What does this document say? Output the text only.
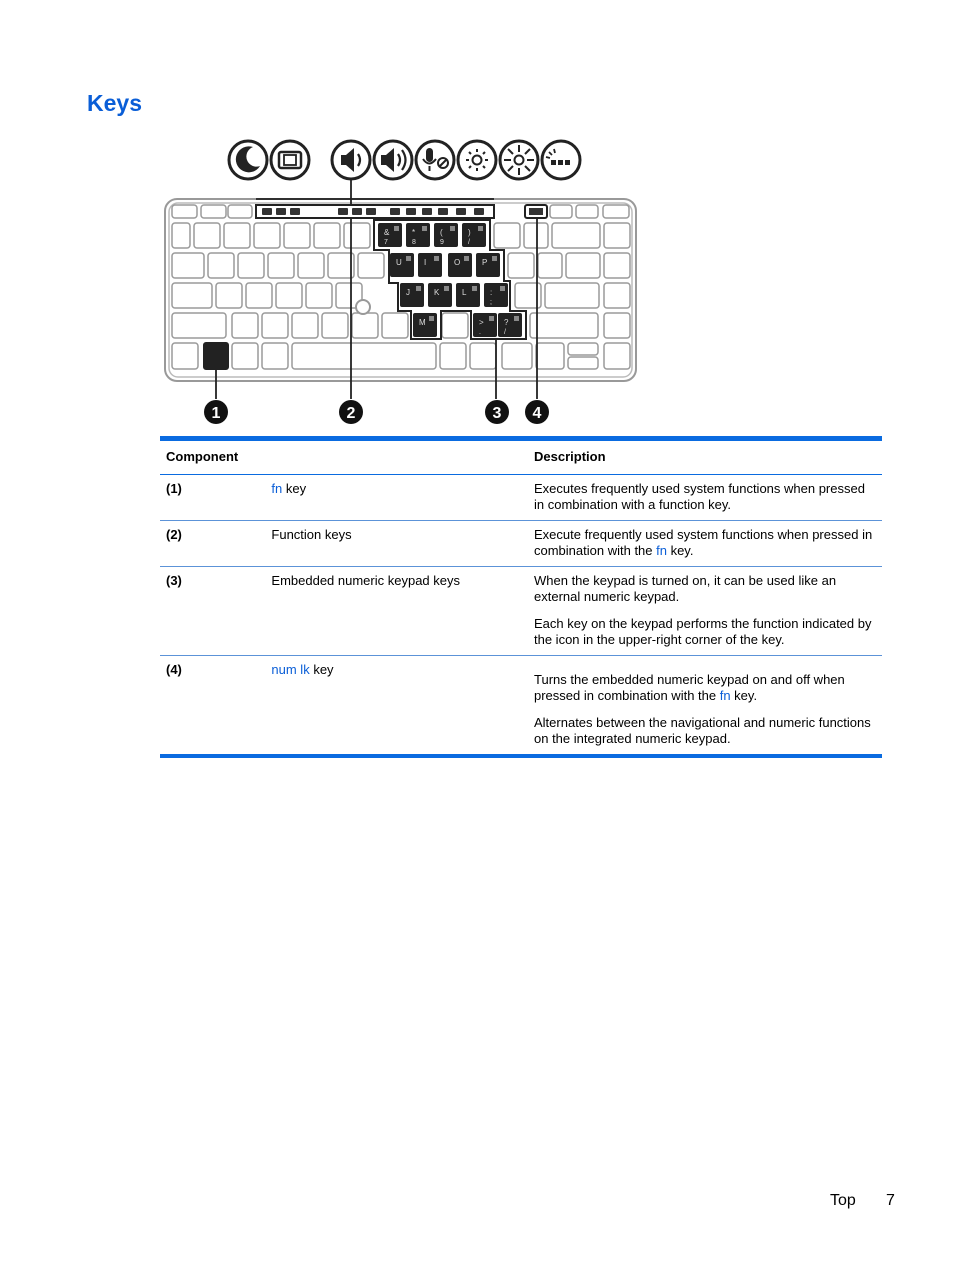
Keys
&
7
*
8
(
9
)
/
U	I	O	P
J	K	L	:
;
M	>
.
?
/
1	2	3 4
Component		Description
(1)	fn key	Executes frequently used system functions when pressed in combination with a function key.

(2)	Function keys	Execute frequently used system functions when pressed in combination with the fn key.

(3)	Embedded numeric keypad keys	When the keypad is turned on, it can be used like an external numeric keypad.

Each key on the keypad performs the function indicated by the icon in the upper-right corner of the key.

(4)	num lk key	Turns the embedded numeric keypad on and off when pressed in combination with the fn key.

Alternates between the navigational and numeric functions on the integrated numeric keypad.

Top 7
